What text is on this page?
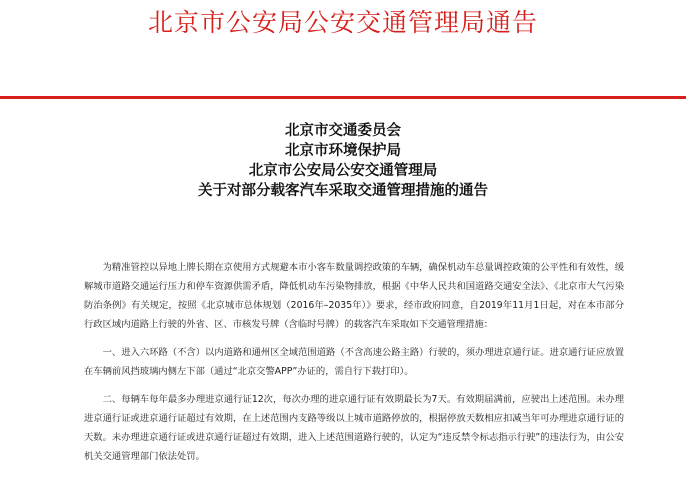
北京市公安局公安交通管理局通告
北京市交通委员会
北京市环境保护局
北京市公安局公安交通管理局
关于对部分载客汽车采取交通管理措施的通告

为精准管控以异地上牌长期在京使用方式规避本市小客车数量调控政策的车辆，确保机动车总量调控政策的公平性和有效性，缓解城市道路交通运行压力和停车资源供需矛盾，降低机动车污染物排放，根据《中华人民共和国道路交通安全法》、《北京市大气污染防治条例》有关规定，按照《北京城市总体规划（2016年–2035年）》要求，经市政府同意，自2019年11月1日起，对在本市部分行政区域内道路上行驶的外省、区、市核发号牌（含临时号牌）的载客汽车采取如下交通管理措施：

一、进入六环路（不含）以内道路和通州区全域范围道路（不含高速公路主路）行驶的，须办理进京通行证。进京通行证应放置在车辆前风挡玻璃内侧左下部（通过“北京交警APP”办证的，需自行下载打印）。

二、每辆车每年最多办理进京通行证12次，每次办理的进京通行证有效期最长为7天。有效期届满前，应驶出上述范围。未办理进京通行证或进京通行证超过有效期，在上述范围内支路等级以上城市道路停放的，根据停放天数相应扣减当年可办理进京通行证的天数。未办理进京通行证或进京通行证超过有效期，进入上述范围道路行驶的，认定为“违反禁令标志指示行驶”的违法行为，由公安机关交通管理部门依法处罚。
